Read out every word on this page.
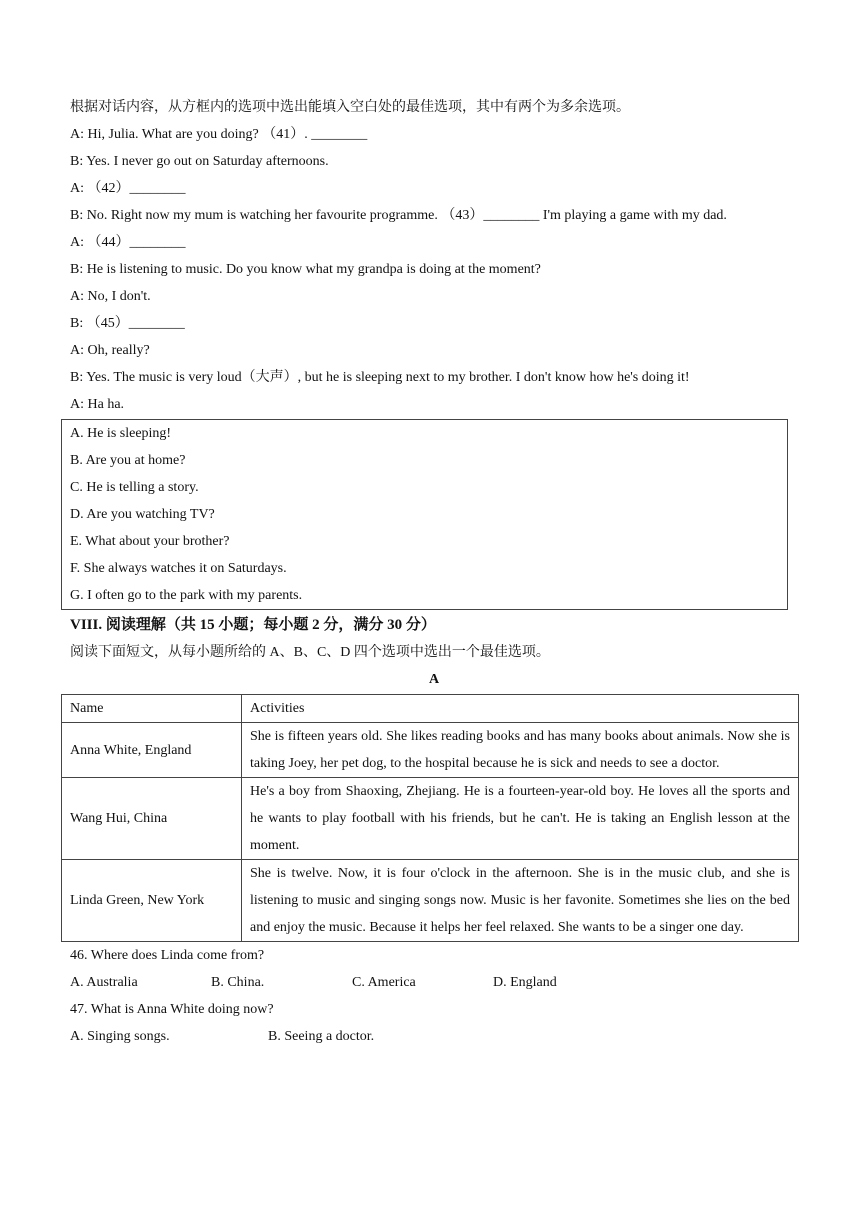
根据对话内容，从方框内的选项中选出能填入空白处的最佳选项，其中有两个为多余选项。
A: Hi, Julia. What are you doing? （41）. ________
B: Yes. I never go out on Saturday afternoons.
A: （42）________
B: No. Right now my mum is watching her favourite programme. （43）________ I'm playing a game with my dad.
A: （44）________
B: He is listening to music. Do you know what my grandpa is doing at the moment?
A: No, I don't.
B: （45）________
A: Oh, really?
B: Yes. The music is very loud（大声）, but he is sleeping next to my brother. I don't know how he's doing it!
A: Ha ha.
A. He is sleeping!
B. Are you at home?
C. He is telling a story.
D. Are you watching TV?
E. What about your brother?
F. She always watches it on Saturdays.
G. I often go to the park with my parents.
VIII. 阅读理解（共 15 小题；每小题 2 分，满分 30 分）
阅读下面短文，从每小题所给的 A、B、C、D 四个选项中选出一个最佳选项。
A
Name	Activities
Anna White, England	She is fifteen years old. She likes reading books and has many books about animals. Now she is taking Joey, her pet dog, to the hospital because he is sick and needs to see a doctor.
Wang Hui, China	He's a boy from Shaoxing, Zhejiang. He is a fourteen-year-old boy. He loves all the sports and he wants to play football with his friends, but he can't. He is taking an English lesson at the moment.
Linda Green, New York	She is twelve. Now, it is four o'clock in the afternoon. She is in the music club, and she is listening to music and singing songs now. Music is her favonite. Sometimes she lies on the bed and enjoy the music. Because it helps her feel relaxed. She wants to be a singer one day.
46. Where does Linda come from?
A. Australia	B. China.	C. America	D. England
47. What is Anna White doing now?
A. Singing songs.	B. Seeing a doctor.
